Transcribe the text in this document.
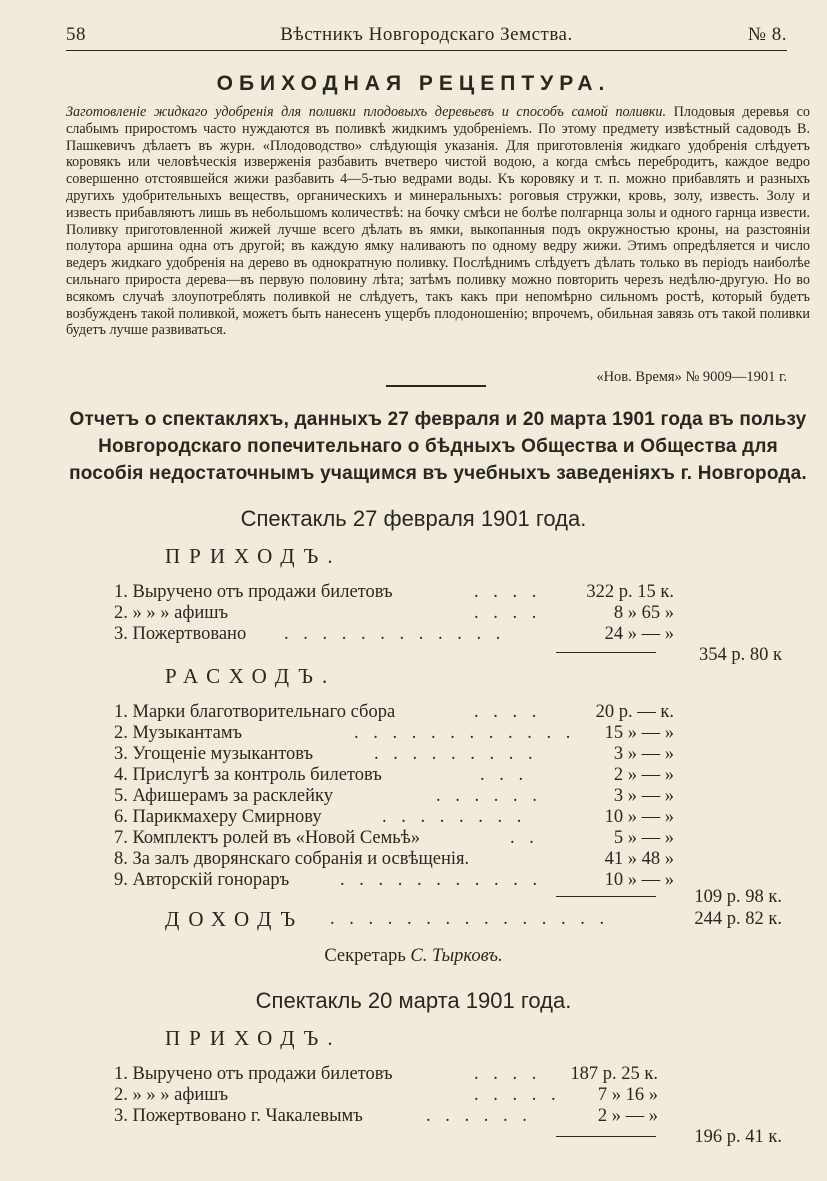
58	Вѣстникъ Новгородскаго Земства.	№ 8.
ОБИХОДНАЯ РЕЦЕПТУРА.
Заготовленіе жидкаго удобренія для поливки плодовыхъ деревьевъ и способъ самой поливки. Плодовыя деревья со слабымъ приростомъ часто нуждаются въ поливкѣ жидкимъ удобреніемъ. По этому предмету извѣстный садоводъ В. Пашкевичъ дѣлаетъ въ журн. «Плодоводство» слѣдующія указанія. Для приготовленія жидкаго удобренія слѣдуетъ коровякъ или человѣческія изверженія разбавить вчетверо чистой водою, а когда смѣсь перебродитъ, каждое ведро совершенно отстоявшейся жижи разбавить 4—5-тью ведрами воды. Къ коровяку и т. п. можно прибавлять и разныхъ другихъ удобрительныхъ веществъ, органическихъ и минеральныхъ: роговыя стружки, кровь, золу, известь. Золу и известь прибавляютъ лишь въ небольшомъ количествѣ: на бочку смѣси не болѣе полгарнца золы и одного гарнца извести. Поливку приготовленной жижей лучше всего дѣлать въ ямки, выкопанныя подъ окружностью кроны, на разстояніи полутора аршина одна отъ другой; въ каждую ямку наливаютъ по одному ведру жижи. Этимъ опредѣляется и число ведеръ жидкаго удобренія на дерево въ однократную поливку. Послѣднимъ слѣдуетъ дѣлать только въ періодъ наиболѣе сильнаго прироста дерева—въ первую половину лѣта; затѣмъ поливку можно повторить черезъ недѣлю-другую. Но во всякомъ случаѣ злоупотреблять поливкой не слѣдуетъ, такъ какъ при непомѣрно сильномъ ростѣ, который будетъ возбужденъ такой поливкой, можетъ быть нанесенъ ущербъ плодоношенію; впрочемъ, обильная завязь отъ такой поливки будетъ лучше развиваться.
«Нов. Время» № 9009—1901 г.
Отчетъ о спектакляхъ, данныхъ 27 февраля и 20 марта 1901 года въ пользу Новгородскаго попечительнаго о бѣдныхъ Общества и Общества для пособія недостаточнымъ учащимся въ учебныхъ заведеніяхъ г. Новгорода.
Спектакль 27 февраля 1901 года.
ПРИХОДЪ.
1. Выручено отъ продажи билетовъ	. . . .	322 р. 15 к.
2. » » » афишъ	. . . .	8 » 65 »
3. Пожертвовано . . . . . . . . . . . .	24 » — »
354 р. 80 к
РАСХОДЪ.
1. Марки благотворительнаго сбора	. . . .	20 р. — к.
2. Музыкантамъ	. . . . . . . . . . . . 15 » — »
3. Угощеніе музыкантовъ	. . . . . . . . .	3 » — »
4. Прислугѣ за контроль билетовъ	. . .	2 » — »
5. Афишерамъ за расклейку	. . . . . .	3 » — »
6. Парикмахеру Смирнову	. . . . . . . .	10 » — »
7. Комплектъ ролей въ «Новой Семьѣ»	. .	5 » — »
8. За залъ дворянскаго собранія и освѣщенія.	41 » 48 »
9. Авторскій гонораръ	. . . . . . . . . . .	10 » — »
109 р. 98 к.
ДОХОДЪ . . . . . . . . . . . . . . .	244 р. 82 к.
Секретарь С. Тырковъ.
Спектакль 20 марта 1901 года.
ПРИХОДЪ.
1. Выручено отъ продажи билетовъ	. . . .	187 р. 25 к.
2. » » » афишъ	. . . . .	7 » 16 »
3. Пожертвовано г. Чакалевымъ	. . . . . .	2 » — »
196 р. 41 к.
